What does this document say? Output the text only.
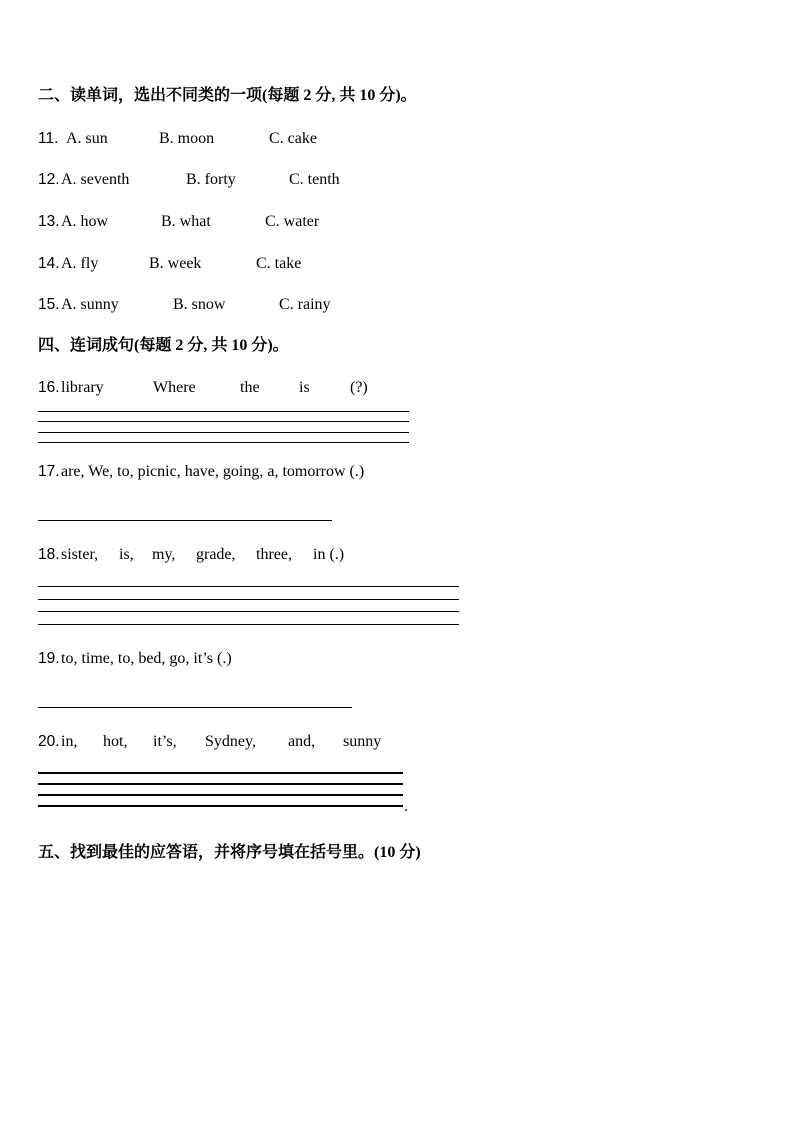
二、读单词，选出不同类的一项(每题 2 分, 共 10 分)。
11. A. sun	B. moon	C. cake
12. A. seventh	B. forty	C. tenth
13. A. how	B. what	C. water
14. A. fly	B. week	C. take
15. A. sunny	B. snow	C. rainy
四、连词成句(每题 2 分, 共 10 分)。
16. library	Where	the is	(?)
17. are, We, to, picnic, have, going, a, tomorrow (.)
18. sister, is, my, grade, three, in (.)
19. to, time, to, bed, go, it’s (.)
20. in, hot, it’s, Sydney, and, sunny
.
五、找到最佳的应答语，并将序号填在括号里。(10 分)
